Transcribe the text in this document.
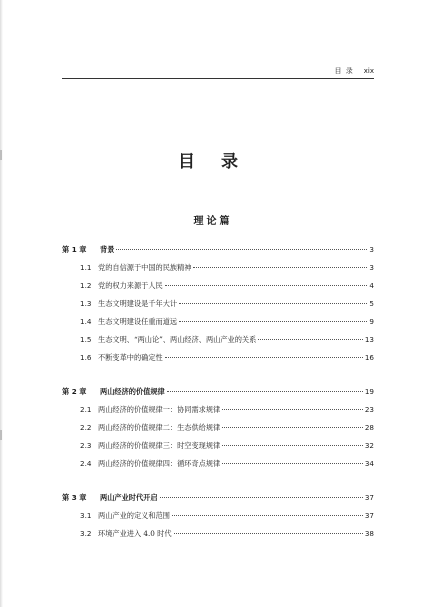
目 录 xix
目 录
理论篇
第 1 章	背景	3
1.1 党的自信源于中国的民族精神	3
1.2 党的权力来源于人民	4
1.3 生态文明建设是千年大计	5
1.4 生态文明建设任重而道远	9
1.5 生态文明、“两山论”、两山经济、两山产业的关系	13
1.6 不断变革中的确定性	16
第 2 章	两山经济的价值规律	19
2.1 两山经济的价值规律一：协同需求规律	23
2.2 两山经济的价值规律二：生态供给规律	28
2.3 两山经济的价值规律三：时空变现规律	32
2.4 两山经济的价值规律四：循环奇点规律	34
第 3 章	两山产业时代开启	37
3.1 两山产业的定义和范围	37
3.2 环境产业进入 4.0 时代	38
